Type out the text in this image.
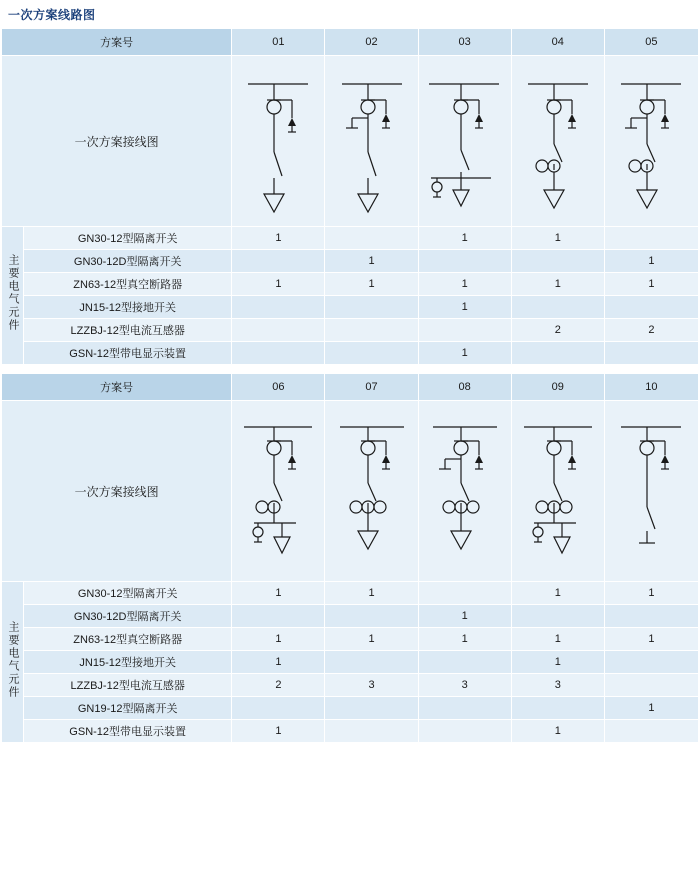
一次方案线路图
方案号		01	02	03	04	05
一次方案接线图	

主要电气元件	GN30-12型隔离开关	1		1	1	
	GN30-12D型隔离开关		1			1
	ZN63-12型真空断路器	1	1	1	1	1
	JN15-12型接地开关			1		
	LZZBJ-12型电流互感器				2	2
	GSN-12型带电显示装置			1		
方案号		06	07	08	09	10
一次方案接线图	

主要电气元件	GN30-12型隔离开关	1	1		1	1
	GN30-12D型隔离开关			1		
	ZN63-12型真空断路器	1	1	1	1	1
	JN15-12型接地开关	1			1	
	LZZBJ-12型电流互感器	2	3	3	3	
	GN19-12型隔离开关					1
	GSN-12型带电显示装置	1			1	
